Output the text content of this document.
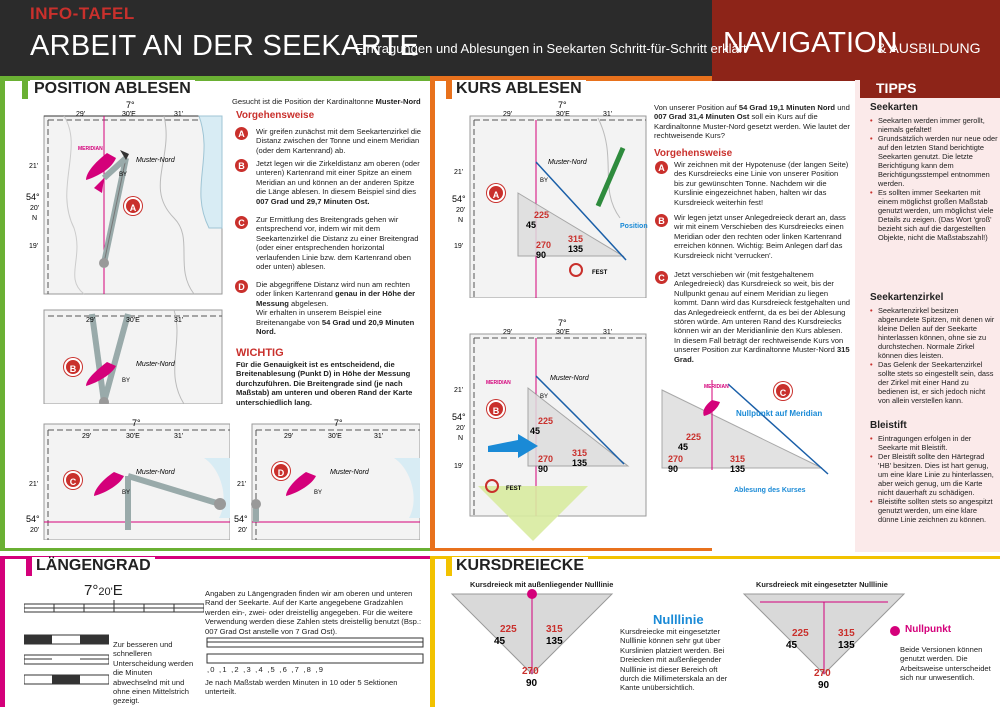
INFO-TAFEL
ARBEIT AN DER SEEKARTE
Eintragungen und Ablesungen in Seekarten Schritt-für-Schritt erklärt
NAVIGATION
& AUSBILDUNG
POSITION ABLESEN
29'
7°
30'E	31'
21'
54°
20'
N
19'
MERIDIAN
Muster-Nord
BY
A
29'	30'E	31'
Muster-Nord
BY
B
29'
7°
30'E	31'
21'
54°
20'
Muster-Nord
BY
C
29'
7°
30'E	31'
21'
54°
20'
Muster-Nord
BY
D
Gesucht ist die Position der Kardinaltonne Muster-Nord
Vorgehensweise
A	Wir greifen zunächst mit dem Seekartenzirkel die Distanz zwischen der Tonne und einem Meridian (oder dem Kartenrand) ab.
B	Jetzt legen wir die Zirkeldistanz am oberen (oder unteren) Kartenrand mit einer Spitze an einem Meridian an und können an der anderen Spitze die Länge ablesen. In diesem Beispiel sind dies 007 Grad und 29,7 Minuten Ost.
C	Zur Ermittlung des Breitengrads gehen wir entsprechend vor, indem wir mit dem Seekartenzirkel die Distanz zu einer Breitengrad (oder einer entsprechenden horizontal verlaufenden Linie bzw. dem Kartenrand oben oder unten) ablesen.
D	Die abgegriffene Distanz wird nun am rechten oder linken Kartenrand genau in der Höhe der Messung abgelesen.
Wir erhalten in unserem Beispiel eine Breitenangabe von 54 Grad und 20,9 Minuten Nord.
WICHTIG
Für die Genauigkeit ist es entscheidend, die Breitenablesung (Punkt D) in Höhe der Messung durchzuführen. Die Breitengrade sind (je nach Maßstab) am unteren und oberen Rand der Karte unterschiedlich lang.
KURS ABLESEN
29'
7°
30'E	31'
21'
54°
20'
N
19'
Muster-Nord
BY
225
45
315
135
270
90
FEST
Position
A
29'
7°
30'E	31'
21'
54°
20'
N
19'
MERIDIAN
Muster-Nord
BY
225
45
315
135
270
90
FEST
B
MERIDIAN
Nullpunkt auf Meridian
225
45
315
135
270
90
Ablesung des Kurses
C
Von unserer Position auf 54 Grad 19,1 Minuten Nord und 007 Grad 31,4 Minuten Ost soll ein Kurs auf die Kardinaltonne Muster-Nord gesetzt werden. Wie lautet der rechtweisende Kurs?
Vorgehensweise
A	Wir zeichnen mit der Hypotenuse (der langen Seite) des Kursdreiecks eine Linie von unserer Position bis zur gewünschten Tonne. Nachdem wir die Kurslinie eingezeichnet haben, halten wir das Kursdreieck weiterhin fest!
B	Wir legen jetzt unser Anlegedreieck derart an, dass wir mit einem Verschieben des Kursdreiecks einen Meridian oder den rechten oder linken Kartenrand erreichen können. Wichtig: Beim Anlegen darf das Kursdreieck nicht 'verrucken'.
C	Jetzt verschieben wir (mit festgehaltenem Anlegedreieck) das Kursdreieck so weit, bis der Nullpunkt genau auf einem Meridian zu liegen kommt. Dann wird das Kursdreieck festgehalten und das Anlegedreieck entfernt, da es bei der Ablesung stören würde. Am unteren Rand des Kursdreiecks können wir an der Meridianlinie den Kurs ablesen. In diesem Fall beträgt der rechtweisende Kurs von unserer Position zur Kardinaltonne Muster-Nord 315 Grad.
TIPPS
Seekarten
• Seekarten werden immer gerollt, niemals gefaltet!
• Grundsätzlich werden nur neue oder auf den letzten Stand berichtigte Seekarten genutzt. Die letzte Berichtigung kann dem Berichtigungsstempel entnommen werden.
• Es sollten immer Seekarten mit einem möglichst großen Maßstab genutzt werden, um möglichst viele Details zu zeigen. (Das Wort 'groß' bezieht sich auf die dargestellten Objekte, nicht die Maßstabszahl!)
Seekartenzirkel
• Seekartenzirkel besitzen abgerundete Spitzen, mit denen wir kleine Dellen auf der Seekarte hinterlassen können, ohne sie zu durchstechen. Normale Zirkel können dies leisten.
• Das Gelenk der Seekartenzirkel sollte stets so eingestellt sein, dass der Zirkel mit einer Hand zu bedienen ist, er sich jedoch nicht von allein verstellen kann.
Bleistift
• Eintragungen erfolgen in der Seekarte mit Bleistift.
• Der Bleistift sollte den Härtegrad 'HB' besitzen. Dies ist hart genug, um eine klare Linie zu hinterlassen, aber weich genug, um die Karte nicht dauerhaft zu schädigen.
• Bleistifte sollten stets so angespitzt genutzt werden, um eine klare dünne Linie zeichnen zu können.
LÄNGENGRAD
7°20'E
Zur besseren und schnelleren Unterscheidung werden die Minuten abwechselnd mit und ohne einen Mittelstrich gezeigt.
Angaben zu Längengraden finden wir am oberen und unteren Rand der Seekarte. Auf der Karte angegebene Gradzahlen werden ein-, zwei- oder dreistellig angegeben. Für die weitere Verwendung werden diese Zahlen stets dreistellig benutzt (Bsp.: 007 Grad Ost anstelle von 7 Grad Ost).
,0 ,1 ,2 ,3 ,4 ,5 ,6 ,7 ,8 ,9
Je nach Maßstab werden Minuten in 10 oder 5 Sektionen unterteilt.
KURSDREIECKE
Kursdreieck mit außenliegender Nulllinie
225
45
315
135
270
90
Kursdreieck mit eingesetzter Nulllinie
225
45
315
135
270
90
Nulllinie
Kursdreiecke mit eingesetzter Nulllinie können sehr gut über Kurslinien platziert werden. Bei Dreiecken mit außenliegender Nulllinie ist dieser Bereich oft durch die Millimeterskala an der Kante unübersichtlich.
Nullpunkt
Beide Versionen können genutzt werden. Die Arbeitsweise unterscheidet sich nur unwesentlich.
